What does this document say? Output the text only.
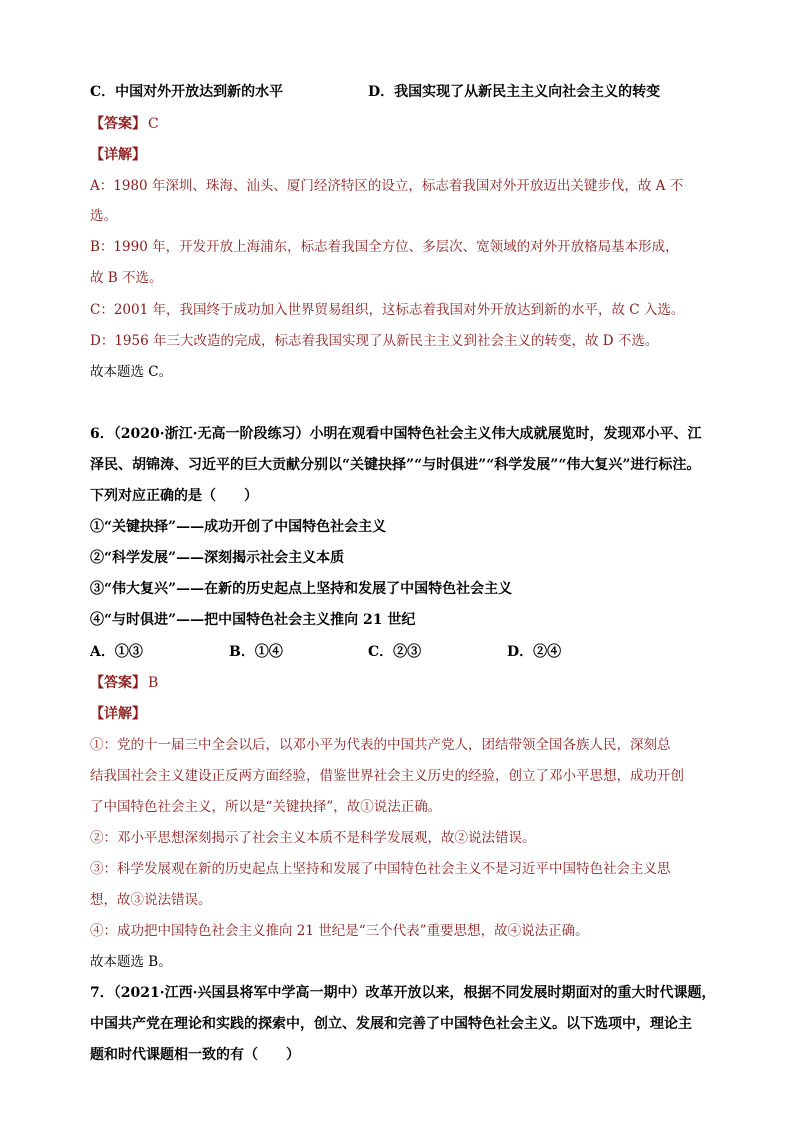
C．中国对外开放达到新的水平	D．我国实现了从新民主主义向社会主义的转变
【答案】 C
【详解】
A：1980 年深圳、珠海、汕头、厦门经济特区的设立，标志着我国对外开放迈出关键步伐，故 A 不
选。
B：1990 年，开发开放上海浦东，标志着我国全方位、多层次、宽领域的对外开放格局基本形成，
故 B 不选。
C：2001 年，我国终于成功加入世界贸易组织，这标志着我国对外开放达到新的水平，故 C 入选。
D：1956 年三大改造的完成，标志着我国实现了从新民主主义到社会主义的转变，故 D 不选。
故本题选 C。
6．（2020·浙江·无高一阶段练习）小明在观看中国特色社会主义伟大成就展览时，发现邓小平、江
泽民、胡锦涛、习近平的巨大贡献分别以“关键抉择”“与时俱进”“科学发展”“伟大复兴”进行标注。
下列对应正确的是（　　）
①“关键抉择”——成功开创了中国特色社会主义
②“科学发展”——深刻揭示社会主义本质
③“伟大复兴”——在新的历史起点上坚持和发展了中国特色社会主义
④“与时俱进”——把中国特色社会主义推向 21 世纪
A．①③	B．①④	C．②③	D．②④
【答案】 B
【详解】
①：党的十一届三中全会以后，以邓小平为代表的中国共产党人，团结带领全国各族人民，深刻总
结我国社会主义建设正反两方面经验，借鉴世界社会主义历史的经验，创立了邓小平思想，成功开创
了中国特色社会主义，所以是“关键抉择”，故①说法正确。
②：邓小平思想深刻揭示了社会主义本质不是科学发展观，故②说法错误。
③：科学发展观在新的历史起点上坚持和发展了中国特色社会主义不是习近平中国特色社会主义思
想，故③说法错误。
④：成功把中国特色社会主义推向 21 世纪是“三个代表”重要思想，故④说法正确。
故本题选 B。
7．（2021·江西·兴国县将军中学高一期中）改革开放以来，根据不同发展时期面对的重大时代课题，
中国共产党在理论和实践的探索中，创立、发展和完善了中国特色社会主义。以下选项中，理论主
题和时代课题相一致的有（　　）
